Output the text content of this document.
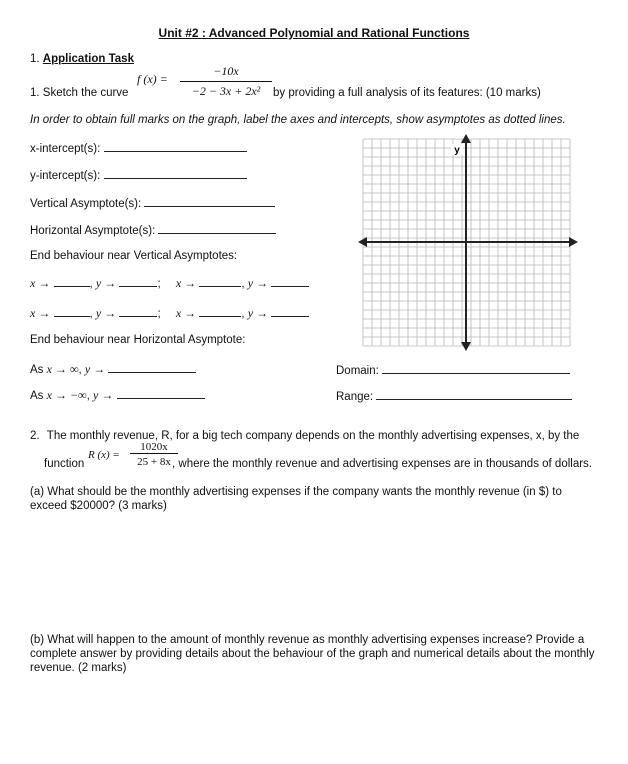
Unit #2 : Advanced Polynomial and Rational Functions
1. Application Task
1. Sketch the curve
f $(x) = \frac{-10x}{\text{−2 − 3x + 2x²}}$ by providing a full analysis of its features: (10 marks)
In order to obtain full marks on the graph, label the axes and intercepts, show asymptotes as dotted lines.
x-intercept(s):
y-intercept(s):
Vertical Asymptote(s):
Horizontal Asymptote(s):
End behaviour near Vertical Asymptotes:
x →	, y →	; x →	, y →
x →	, y →	; x →	, y →
End behaviour near Horizontal Asymptote:
As x → ∞, y →
As x → −∞, y →
Domain:
Range:
y
2. The monthly revenue, R, for a big tech company depends on the monthly advertising expenses, x, by the
function
R $(x) = \frac{1020x}{25 + 8x}$
, where the monthly revenue and advertising expenses are in thousands of dollars.
(a) What should be the monthly advertising expenses if the company wants the monthly revenue (in $) to exceed $20000? (3 marks)
(b) What will happen to the amount of monthly revenue as monthly advertising expenses increase? Provide a complete answer by providing details about the behaviour of the graph and numerical details about the monthly revenue. (2 marks)
